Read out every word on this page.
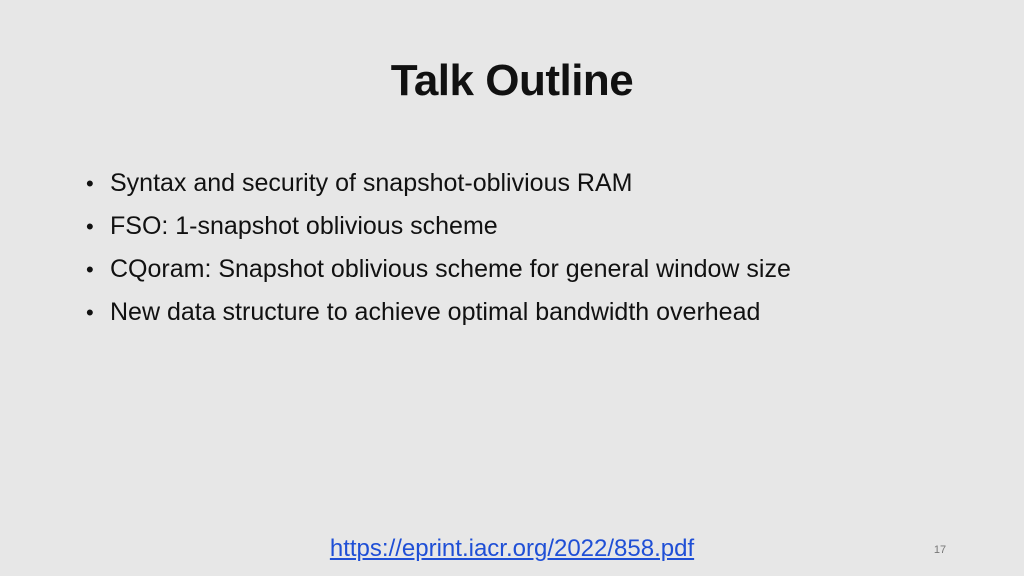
Talk Outline
• Syntax and security of snapshot-oblivious RAM
• FSO: 1-snapshot oblivious scheme
• CQoram: Snapshot oblivious scheme for general window size
• New data structure to achieve optimal bandwidth overhead
https://eprint.iacr.org/2022/858.pdf	17
